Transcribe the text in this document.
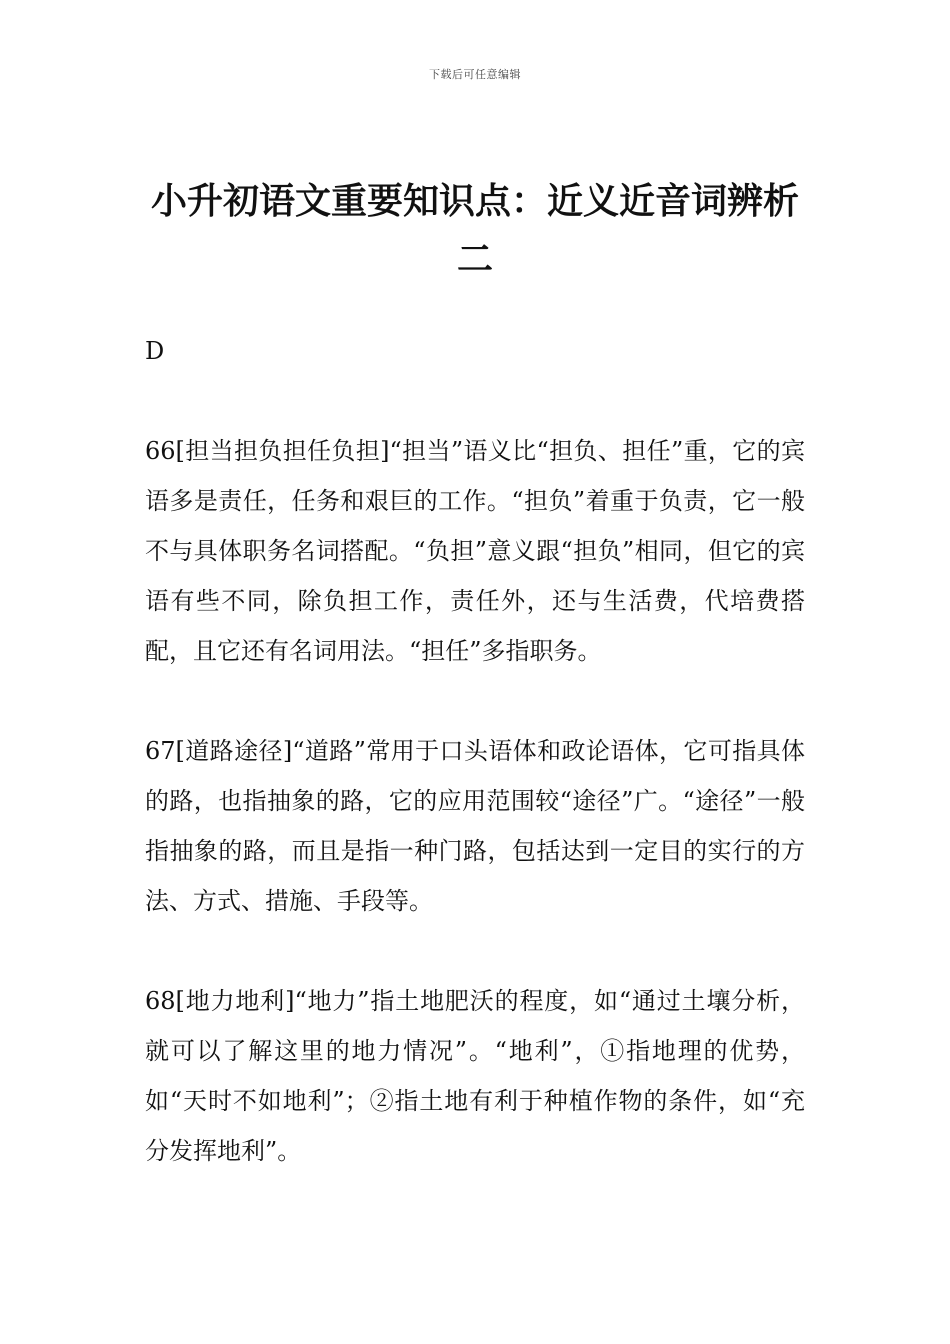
下载后可任意编辑
小升初语文重要知识点：近义近音词辨析二

D

66[担当担负担任负担]“担当”语义比“担负、担任”重，它的宾语多是责任，任务和艰巨的工作。“担负”着重于负责，它一般不与具体职务名词搭配。“负担”意义跟“担负”相同，但它的宾语有些不同，除负担工作，责任外，还与生活费，代培费搭配，且它还有名词用法。“担任”多指职务。

67[道路途径]“道路”常用于口头语体和政论语体，它可指具体的路，也指抽象的路，它的应用范围较“途径”广。“途径”一般指抽象的路，而且是指一种门路，包括达到一定目的实行的方法、方式、措施、手段等。

68[地力地利]“地力”指土地肥沃的程度，如“通过土壤分析，就可以了解这里的地力情况”。“地利”，①指地理的优势，如“天时不如地利”；②指土地有利于种植作物的条件，如“充分发挥地利”。
